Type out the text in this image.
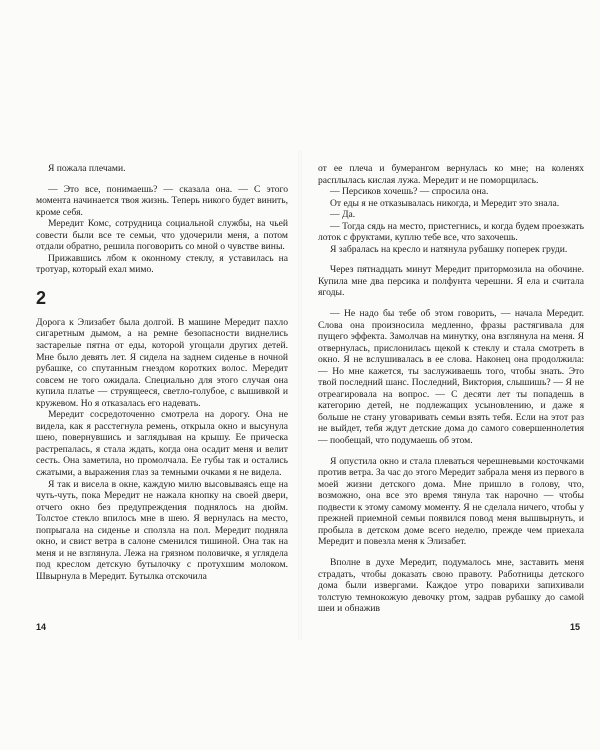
Я пожала плечами.

— Это все, понимаешь? — сказала она. — С этого момента начинается твоя жизнь. Теперь никого будет винить, кроме себя.

Мередит Комс, сотрудница социальной службы, на чьей совести были все те семьи, что удочерили меня, а потом отдали обратно, решила поговорить со мной о чувстве вины.

Прижавшись лбом к оконному стеклу, я уставилась на тротуар, который ехал мимо.

2

Дорога к Элизабет была долгой. В машине Мередит пахло сигаретным дымом, а на ремне безопасности виднелись застарелые пятна от еды, которой угощали других детей. Мне было девять лет. Я сидела на заднем сиденье в ночной рубашке, со спутанным гнездом коротких волос. Мередит совсем не того ожидала. Специально для этого случая она купила платье — струящееся, светло-голубое, с вышивкой и кружевом. Но я отказалась его надевать.

Мередит сосредоточенно смотрела на дорогу. Она не видела, как я расстегнула ремень, открыла окно и высунула шею, повернувшись и заглядывая на крышу. Ее прическа растрепалась, я стала ждать, когда она осадит меня и велит сесть. Она заметила, но промолчала. Ее губы так и остались сжатыми, а выражения глаз за темными очками я не видела.

Я так и висела в окне, каждую милю высовываясь еще на чуть-чуть, пока Мередит не нажала кнопку на своей двери, отчего окно без предупреждения поднялось на дюйм. Толстое стекло впилось мне в шею. Я вернулась на место, попрыгала на сиденье и сползла на пол. Мередит подняла окно, и свист ветра в салоне сменился тишиной. Она так на меня и не взглянула. Лежа на грязном половичке, я углядела под креслом детскую бутылочку с протухшим молоком. Швырнула в Мередит. Бутылка отскочила

от ее плеча и бумерангом вернулась ко мне; на коленях расплылась кислая лужа. Мередит и не поморщилась.

— Персиков хочешь? — спросила она.

От еды я не отказывалась никогда, и Мередит это знала.

— Да.

— Тогда сядь на место, пристегнись, и когда будем проезжать лоток с фруктами, куплю тебе все, что захочешь.

Я забралась на кресло и натянула рубашку поперек груди.

Через пятнадцать минут Мередит притормозила на обочине. Купила мне два персика и полфунта черешни. Я ела и считала ягоды.

— Не надо бы тебе об этом говорить, — начала Мередит. Слова она произносила медленно, фразы растягивала для пущего эффекта. Замолчав на минутку, она взглянула на меня. Я отвернулась, прислонилась щекой к стеклу и стала смотреть в окно. Я не вслушивалась в ее слова. Наконец она продолжила: — Но мне кажется, ты заслуживаешь того, чтобы знать. Это твой последний шанс. Последний, Виктория, слышишь? — Я не отреагировала на вопрос. — С десяти лет ты попадешь в категорию детей, не подлежащих усыновлению, и даже я больше не стану уговаривать семьи взять тебя. Если на этот раз не выйдет, тебя ждут детские дома до самого совершеннолетия — пообещай, что подумаешь об этом.

Я опустила окно и стала плеваться черешневыми косточками против ветра. За час до этого Мередит забрала меня из первого в моей жизни детского дома. Мне пришло в голову, что, возможно, она все это время тянула так нарочно — чтобы подвести к этому самому моменту. Я не сделала ничего, чтобы у прежней приемной семьи появился повод меня вышвырнуть, и пробыла в детском доме всего неделю, прежде чем приехала Мередит и повезла меня к Элизабет.

Вполне в духе Мередит, подумалось мне, заставить меня страдать, чтобы доказать свою правоту. Работницы детского дома были извергами. Каждое утро поварихи запихивали толстую темнокожую девочку ртом, задрав рубашку до самой шеи и обнажив

14	15
